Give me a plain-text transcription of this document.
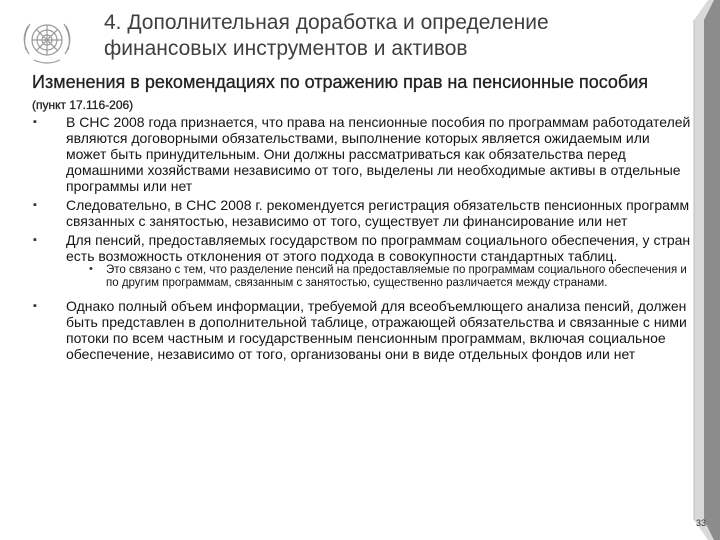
4. Дополнительная доработка и определение финансовых инструментов и активов
Изменения в рекомендациях по отражению прав на пенсионные пособия (пункт 17.116-206)
▪ В СНС 2008 года признается, что права на пенсионные пособия по программам работодателей являются договорными обязательствами, выполнение которых является ожидаемым или может быть принудительным. Они должны рассматриваться как обязательства перед домашними хозяйствами независимо от того, выделены ли необходимые активы в отдельные программы или нет
▪ Следовательно, в СНС 2008 г. рекомендуется регистрация обязательств пенсионных программ связанных с занятостью, независимо от того, существует ли финансирование или нет
▪ Для пенсий, предоставляемых государством по программам социального обеспечения, у стран есть возможность отклонения от этого подхода в совокупности стандартных таблиц.
• Это связано с тем, что разделение пенсий на предоставляемые по программам социального обеспечения и по другим программам, связанным с занятостью, существенно различается между странами.
▪ Однако полный объем информации, требуемой для всеобъемлющего анализа пенсий, должен быть представлен в дополнительной таблице, отражающей обязательства и связанные с ними потоки по всем частным и государственным пенсионным программам, включая социальное обеспечение, независимо от того, организованы они в виде отдельных фондов или нет
33
